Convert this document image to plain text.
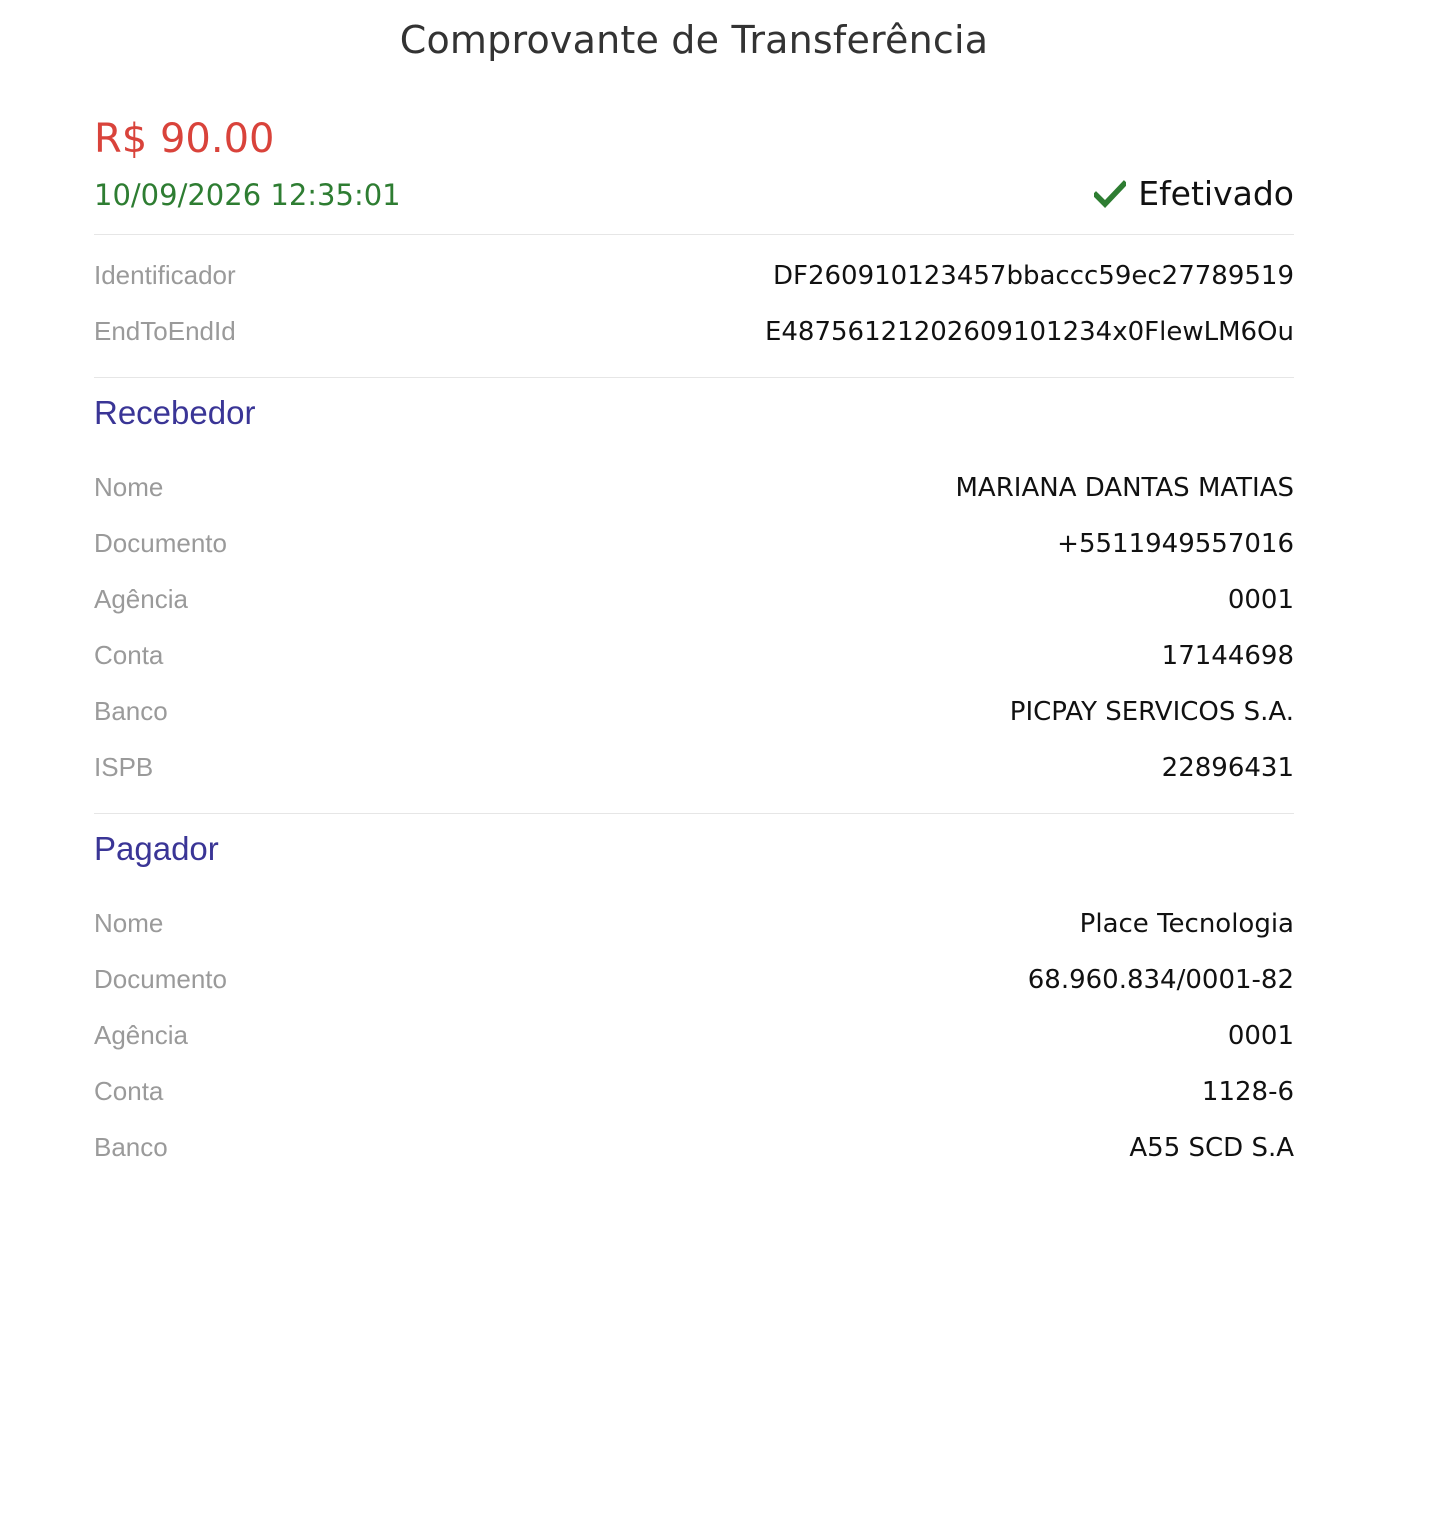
Comprovante de Transferência
R$ 90.00
10/09/2026 12:35:01	Efetivado
Identificador	DF260910123457bbaccc59ec27789519
EndToEndId	E48756121202609101234x0FlewLM6Ou
Recebedor
Nome	MARIANA DANTAS MATIAS
Documento	+5511949557016
Agência	0001
Conta	17144698
Banco	PICPAY SERVICOS S.A.
ISPB	22896431
Pagador
Nome	Place Tecnologia
Documento	68.960.834/0001-82
Agência	0001
Conta	1128-6
Banco	A55 SCD S.A
